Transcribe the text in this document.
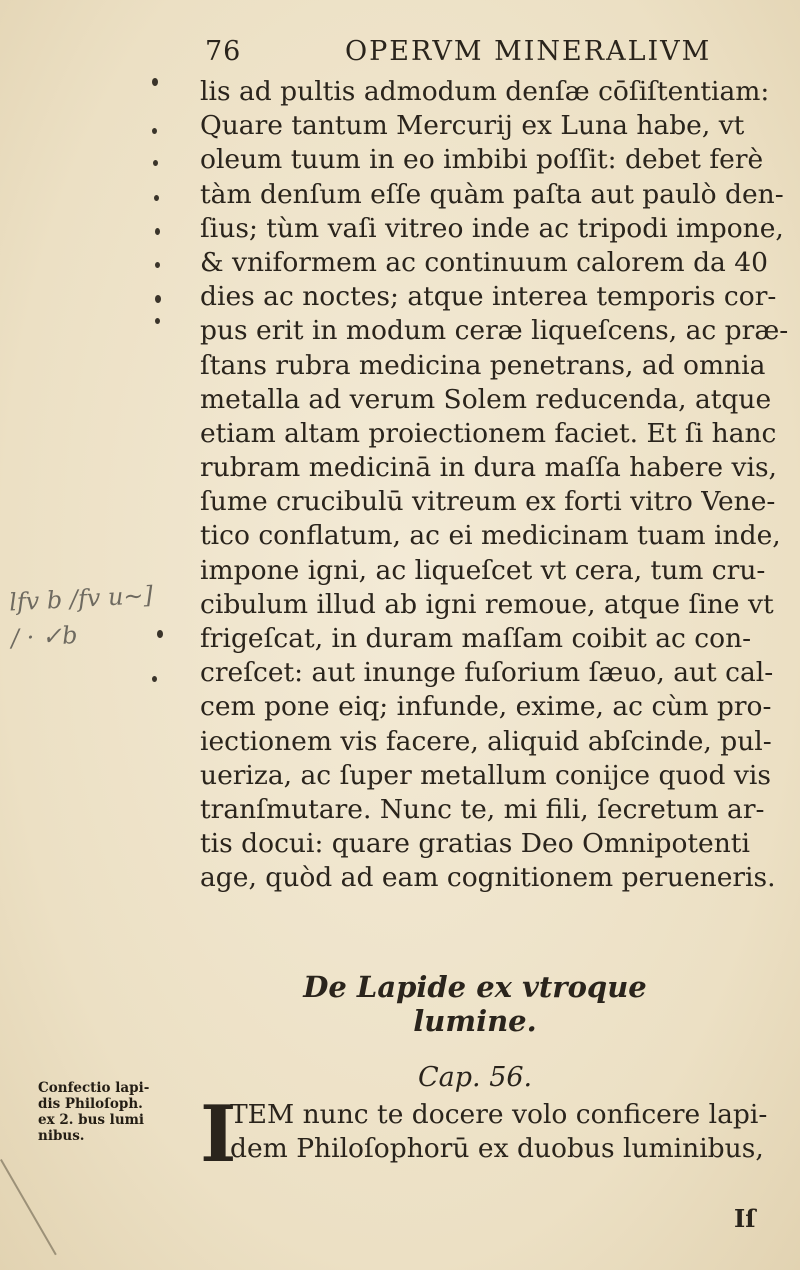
76	OPERVM MINERALIVM
lis ad pultis admodum denſæ cōſiſtentiam:
Quare tantum Mercurij ex Luna habe, vt
oleum tuum in eo imbibi poſſit: debet ferè
tàm denſum eſſe quàm paſta aut paulò den-
ſius; tùm vaſi vitreo inde ac tripodi impone,
& vniformem ac continuum calorem da 40
dies ac noctes; atque interea temporis cor-
pus erit in modum ceræ liqueſcens, ac præ-
ſtans rubra medicina penetrans, ad omnia
metalla ad verum Solem reducenda, atque
etiam altam proiectionem faciet. Et ſi hanc
rubram medicinā in dura maſſa habere vis,
ſume crucibulū vitreum ex forti vitro Vene-
tico conflatum, ac ei medicinam tuam inde,
impone igni, ac liqueſcet vt cera, tum cru-
cibulum illud ab igni remoue, atque ſine vt
frigeſcat, in duram maſſam coibit ac con-
creſcet: aut inunge fuſorium ſæuo, aut cal-
cem pone eiq; infunde, exime, ac cùm pro-
iectionem vis facere, aliquid abſcinde, pul-
ueriza, ac ſuper metallum conijce quod vis
tranſmutare. Nunc te, mi fili, ſecretum ar-
tis docui: quare gratias Deo Omnipotenti
age, quòd ad eam cognitionem perueneris.
De Lapide ex vtroque lumine.
Cap. 56.
I
TEM nunc te docere volo conficere lapi-
dem Philoſophorū ex duobus luminibus,
Iſ
Confectio lapi-
dis Philoſoph.
ex 2. bus lumi
nibus.
lfv b /fv u~]
/ · ✓b
